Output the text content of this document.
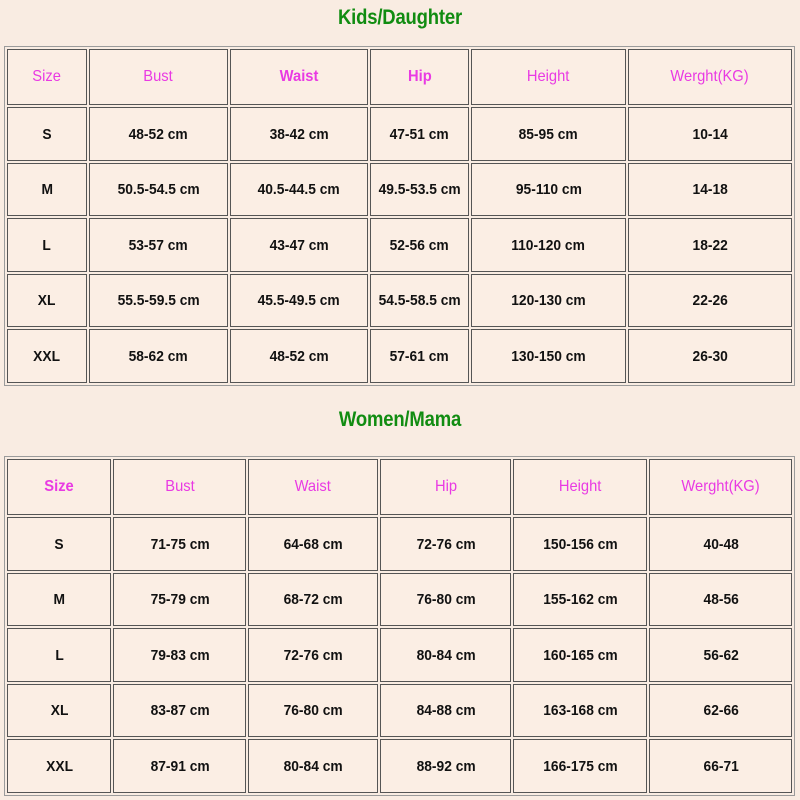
Kids/Daughter
Size	Bust	Waist	Hip	Height	Werght(KG)
S	48-52 cm	38-42 cm	47-51 cm	85-95 cm	10-14
M	50.5-54.5 cm	40.5-44.5 cm	49.5-53.5 cm	95-110 cm	14-18
L	53-57 cm	43-47 cm	52-56 cm	110-120 cm	18-22
XL	55.5-59.5 cm	45.5-49.5 cm	54.5-58.5 cm	120-130 cm	22-26
XXL	58-62 cm	48-52 cm	57-61 cm	130-150 cm	26-30
Women/Mama
Size	Bust	Waist	Hip	Height	Werght(KG)
S	71-75 cm	64-68 cm	72-76 cm	150-156 cm	40-48
M	75-79 cm	68-72 cm	76-80 cm	155-162 cm	48-56
L	79-83 cm	72-76 cm	80-84 cm	160-165 cm	56-62
XL	83-87 cm	76-80 cm	84-88 cm	163-168 cm	62-66
XXL	87-91 cm	80-84 cm	88-92 cm	166-175 cm	66-71
